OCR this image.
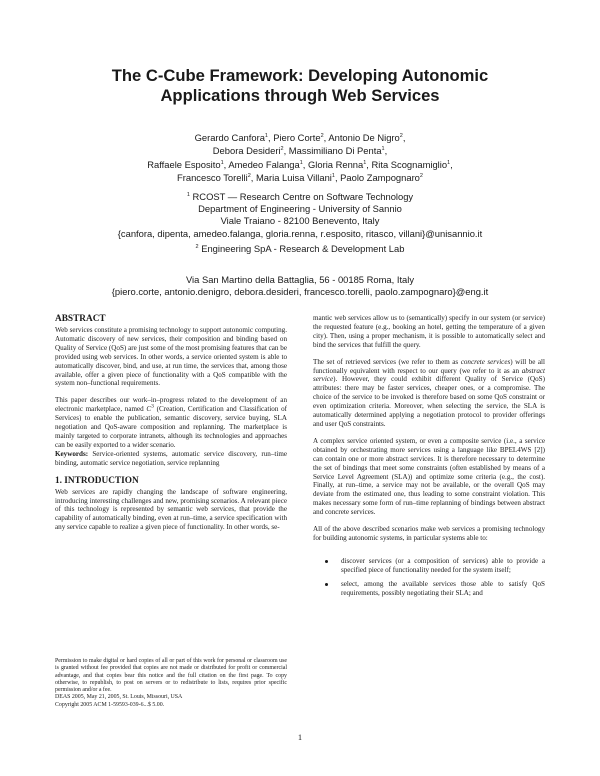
The C-Cube Framework: Developing Autonomic
Applications through Web Services

Gerardo Canfora$^1$, Piero Corte$^2$, Antonio De Nigro$^2$,

Debora Desideri$^2$, Massimiliano Di Penta$^1$,

Raffaele Esposito$^1$, Amedeo Falanga$^1$, Gloria Renna$^1$, Rita Scognamiglio$^1$,

Francesco Torelli$^2$, Maria Luisa Villani$^1$, Paolo Zampognaro$^2$

$^1$ RCOST — Research Centre on Software Technology

Department of Engineering - University of Sannio

Viale Traiano - 82100 Benevento, Italy

{canfora, dipenta, amedeo.falanga, gloria.renna, r.esposito, ritasco, villani}@unisannio.it

$^2$ Engineering SpA - Research & Development Lab

Via San Martino della Battaglia, 56 - 00185 Roma, Italy

{piero.corte, antonio.denigro, debora.desideri, francesco.torelli, paolo.zampognaro}@eng.it

ABSTRACT

Web services constitute a promising technology to support autonomic computing. Automatic discovery of new services, their composition and binding based on Quality of Service (QoS) are just some of the most promising features that can be provided using web services. In other words, a service oriented system is able to automatically discover, bind, and use, at run time, the services that, among those available, offer a given piece of functionality with a QoS compatible with the system non–functional requirements.

This paper describes our work–in–progress related to the development of an electronic marketplace, named $C^3$ (Creation, Certification and Classification of Services) to enable the publication, semantic discovery, service buying, SLA negotiation and QoS-aware composition and replanning. The marketplace is mainly targeted to corporate intranets, although its technologies and approaches can be easily exported to a wider scenario.

Keywords: Service-oriented systems, automatic service discovery, run–time binding, automatic service negotiation, service replanning

1. INTRODUCTION

Web services are rapidly changing the landscape of software engineering, introducing interesting challenges and new, promising scenarios. A relevant piece of this technology is represented by semantic web services, that provide the capability of automatically binding, even at run–time, a service specification with any service capable to realize a given piece of functionality. In other words, se-

Permission to make digital or hard copies of all or part of this work for personal or classroom use is granted without fee provided that copies are not made or distributed for profit or commercial advantage, and that copies bear this notice and the full citation on the first page. To copy otherwise, to republish, to post on servers or to redistribute to lists, requires prior specific permission and/or a fee.

DEAS 2005, May 21, 2005, St. Louis, Missouri, USA

Copyright 2005 ACM 1-59593-039-6...$ 5.00.

mantic web services allow us to (semantically) specify in our system (or service) the requested feature (e.g., booking an hotel, getting the temperature of a given city). Then, using a proper mechanism, it is possible to automatically select and bind the services that fulfill the query.

The set of retrieved services (we refer to them as concrete services) will be all functionally equivalent with respect to our query (we refer to it as an abstract service). However, they could exhibit different Quality of Service (QoS) attributes: there may be faster services, cheaper ones, or a compromise. The choice of the service to be invoked is therefore based on some QoS constraint or even optimization criteria. Moreover, when selecting the service, the SLA is automatically determined applying a negotiation protocol to provider offerings and user QoS constraints.

A complex service oriented system, or even a composite service (i.e., a service obtained by orchestrating more services using a language like BPEL4WS [2]) can contain one or more abstract services. It is therefore necessary to determine the set of bindings that meet some constraints (often established by means of a Service Level Agreement (SLA)) and optimize some criteria (e.g., the cost). Finally, at run–time, a service may not be available, or the overall QoS may deviate from the estimated one, thus leading to some constraint violation. This makes necessary some form of run–time replanning of bindings between abstract and concrete services.

All of the above described scenarios make web services a promising technology for building autonomic systems, in particular systems able to:

discover services (or a composition of services) able to provide a specified piece of functionality needed for the system itself;
select, among the available services those able to satisfy QoS requirements, possibly negotiating their SLA; and
1
